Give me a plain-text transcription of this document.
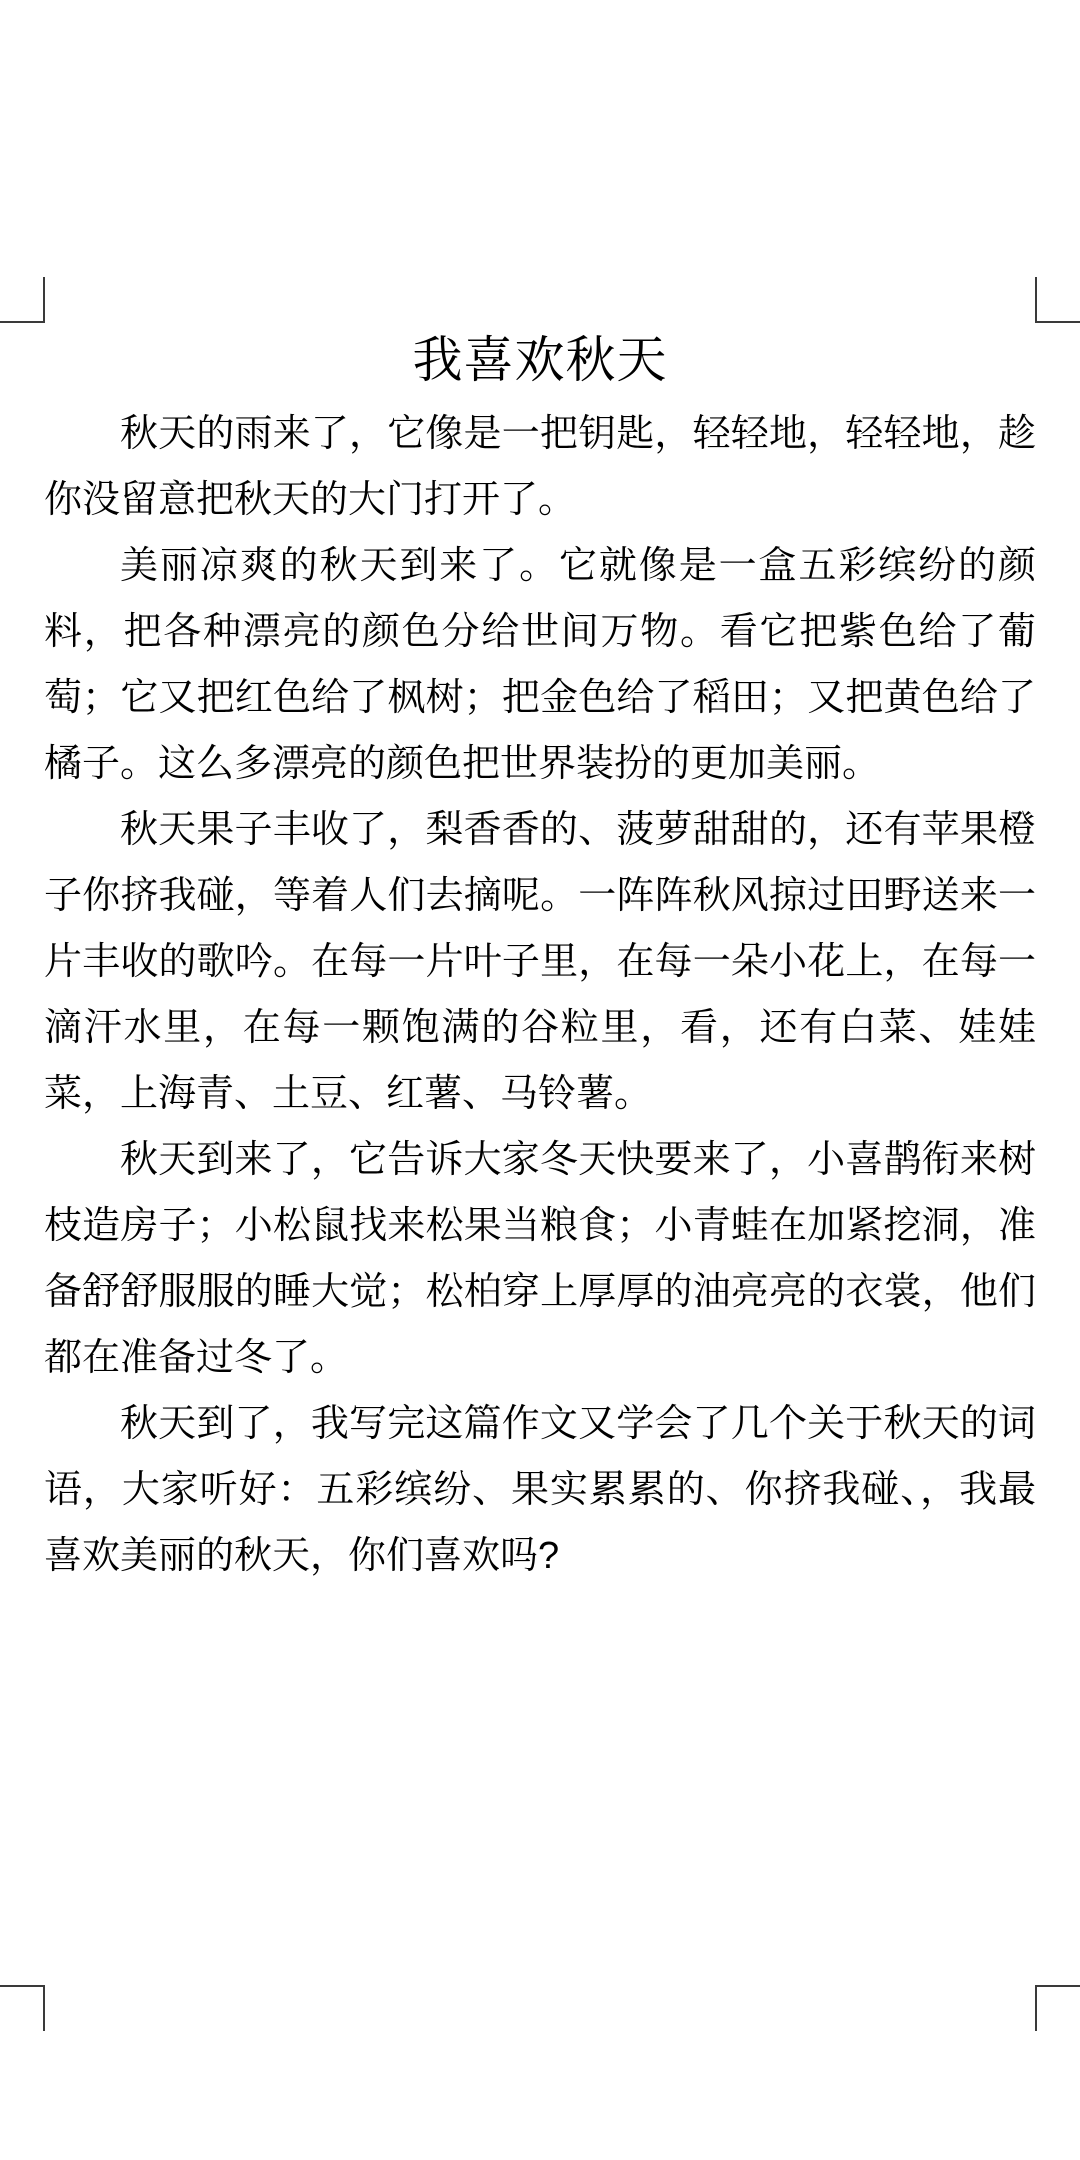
我喜欢秋天

秋天的雨来了，它像是一把钥匙，轻轻地，轻轻地，趁你没留意把秋天的大门打开了。

美丽凉爽的秋天到来了。它就像是一盒五彩缤纷的颜料，把各种漂亮的颜色分给世间万物。看它把紫色给了葡萄；它又把红色给了枫树；把金色给了稻田；又把黄色给了橘子。这么多漂亮的颜色把世界装扮的更加美丽。

秋天果子丰收了，梨香香的、菠萝甜甜的，还有苹果橙子你挤我碰，等着人们去摘呢。一阵阵秋风掠过田野送来一片丰收的歌吟。在每一片叶子里，在每一朵小花上，在每一滴汗水里，在每一颗饱满的谷粒里，看，还有白菜、娃娃菜，上海青、土豆、红薯、马铃薯。

秋天到来了，它告诉大家冬天快要来了，小喜鹊衔来树枝造房子；小松鼠找来松果当粮食；小青蛙在加紧挖洞，准备舒舒服服的睡大觉；松柏穿上厚厚的油亮亮的衣裳，他们都在准备过冬了。

秋天到了，我写完这篇作文又学会了几个关于秋天的词语，大家听好：五彩缤纷、果实累累的、你挤我碰、，我最喜欢美丽的秋天，你们喜欢吗?
